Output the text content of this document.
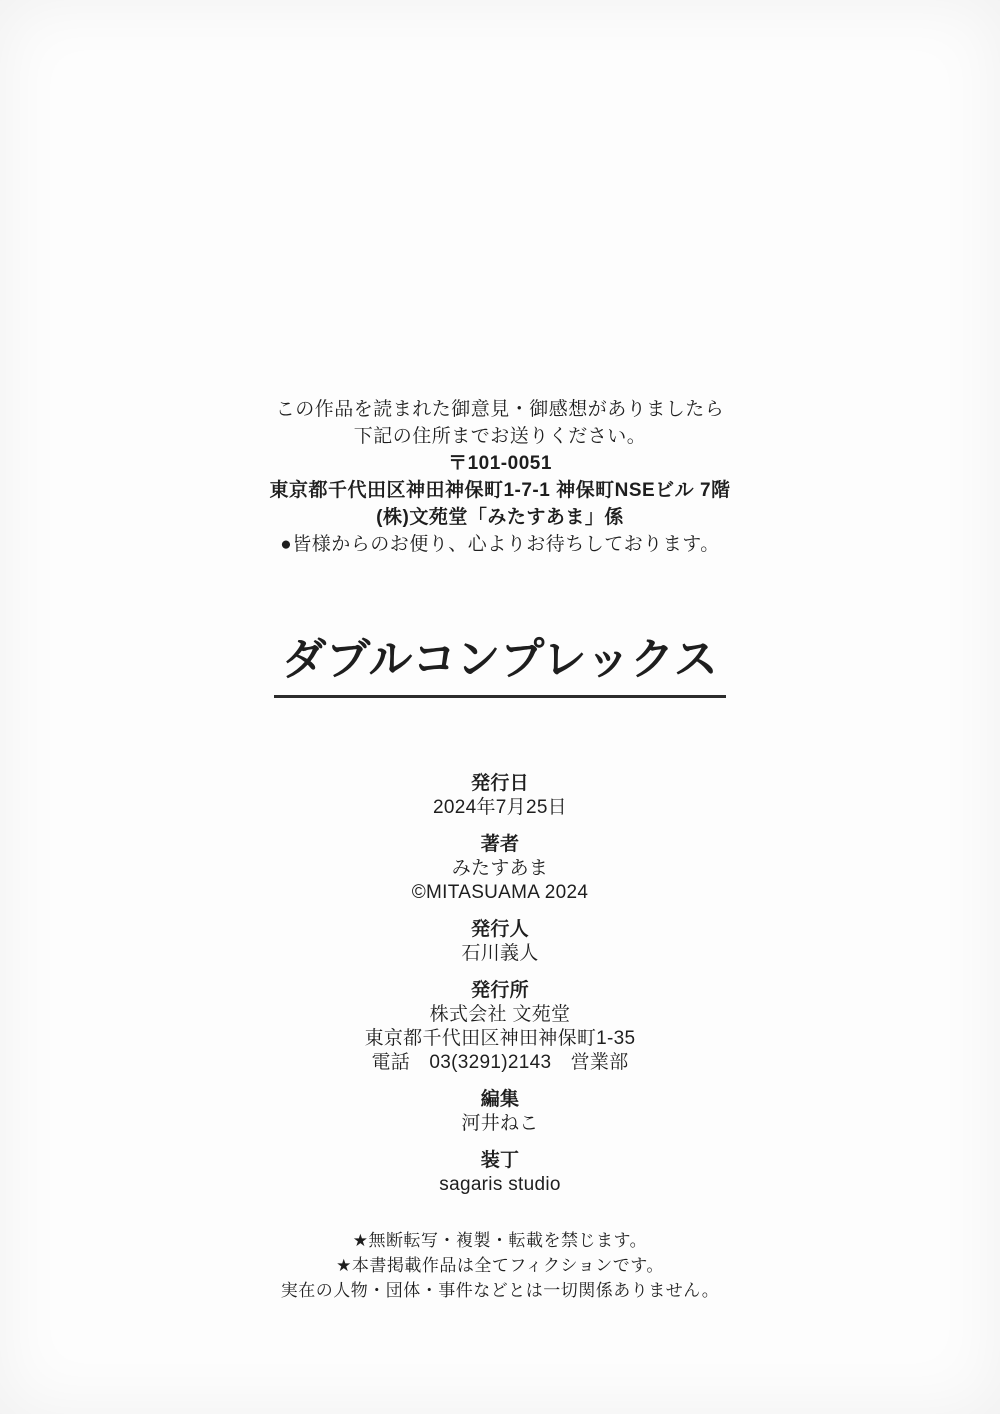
この作品を読まれた御意見・御感想がありましたら

下記の住所までお送りください。

〒101-0051

東京都千代田区神田神保町1-7-1 神保町NSEビル 7階

(株)文苑堂「みたすあま」係

●皆様からのお便り、心よりお待ちしております。

ダブルコンプレックス

発行日

2024年7月25日

著者

みたすあま

©MITASUAMA 2024

発行人

石川義人

発行所

株式会社 文苑堂

東京都千代田区神田神保町1-35

電話　03(3291)2143　営業部

編集

河井ねこ

装丁

sagaris studio

★無断転写・複製・転載を禁じます。

★本書掲載作品は全てフィクションです。

実在の人物・団体・事件などとは一切関係ありません。
